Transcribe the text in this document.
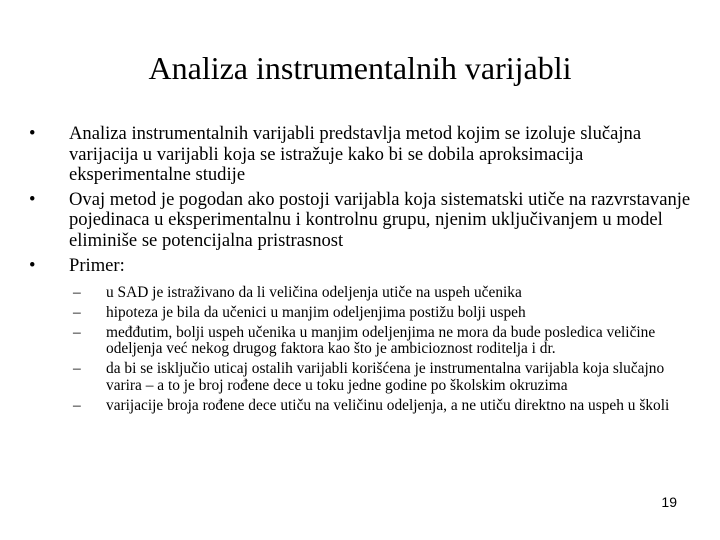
Analiza instrumentalnih varijabli
• Analiza instrumentalnih varijabli predstavlja metod kojim se izoluje slučajna varijacija u varijabli koja se istražuje kako bi se dobila aproksimacija eksperimentalne studije
• Ovaj metod je pogodan ako postoji varijabla koja sistematski utiče na razvrstavanje pojedinaca u eksperimentalnu i kontrolnu grupu, njenim uključivanjem u model eliminiše se potencijalna pristrasnost
• Primer:
– u SAD je istraživano da li veličina odeljenja utiče na uspeh učenika
– hipoteza je bila da učenici u manjim odeljenjima postižu bolji uspeh
– međđutim, bolji uspeh učenika u manjim odeljenjima ne mora da bude posledica veličine odeljenja već nekog drugog faktora kao što je ambicioznost roditelja i dr.
– da bi se isključio uticaj ostalih varijabli korišćena je instrumentalna varijabla koja slučajno varira – a to je broj rođene dece u toku jedne godine po školskim okruzima
– varijacije broja rođene dece utiču na veličinu odeljenja, a ne utiču direktno na uspeh u školi
19
